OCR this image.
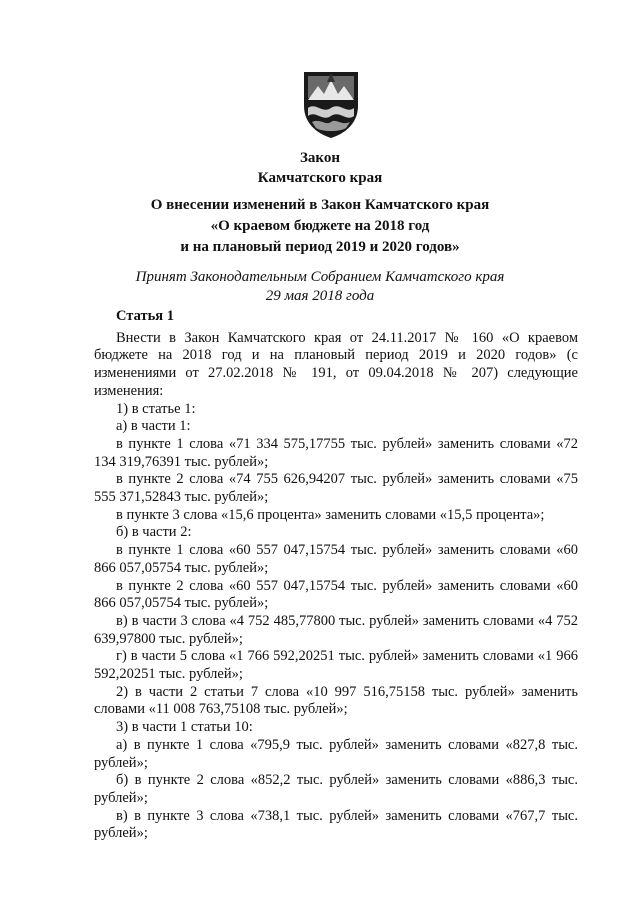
Закон
Камчатского края
О внесении изменений в Закон Камчатского края
«О краевом бюджете на 2018 год
и на плановый период 2019 и 2020 годов»
Принят Законодательным Собранием Камчатского края
29 мая 2018 года

Статья 1

Внести в Закон Камчатского края от 24.11.2017 № 160 «О краевом бюджете на 2018 год и на плановый период 2019 и 2020 годов» (с изменениями от 27.02.2018 № 191, от 09.04.2018 № 207) следующие изменения:

1) в статье 1:

а) в части 1:

в пункте 1 слова «71 334 575,17755 тыс. рублей» заменить словами «72 134 319,76391 тыс. рублей»;

в пункте 2 слова «74 755 626,94207 тыс. рублей» заменить словами «75 555 371,52843 тыс. рублей»;

в пункте 3 слова «15,6 процента» заменить словами «15,5 процента»;

б) в части 2:

в пункте 1 слова «60 557 047,15754 тыс. рублей» заменить словами «60 866 057,05754 тыс. рублей»;

в пункте 2 слова «60 557 047,15754 тыс. рублей» заменить словами «60 866 057,05754 тыс. рублей»;

в) в части 3 слова «4 752 485,77800 тыс. рублей» заменить словами «4 752 639,97800 тыс. рублей»;

г) в части 5 слова «1 766 592,20251 тыс. рублей» заменить словами «1 966 592,20251 тыс. рублей»;

2) в части 2 статьи 7 слова «10 997 516,75158 тыс. рублей» заменить словами «11 008 763,75108 тыс. рублей»;

3) в части 1 статьи 10:

а) в пункте 1 слова «795,9 тыс. рублей» заменить словами «827,8 тыс. рублей»;

б) в пункте 2 слова «852,2 тыс. рублей» заменить словами «886,3 тыс. рублей»;

в) в пункте 3 слова «738,1 тыс. рублей» заменить словами «767,7 тыс. рублей»;
